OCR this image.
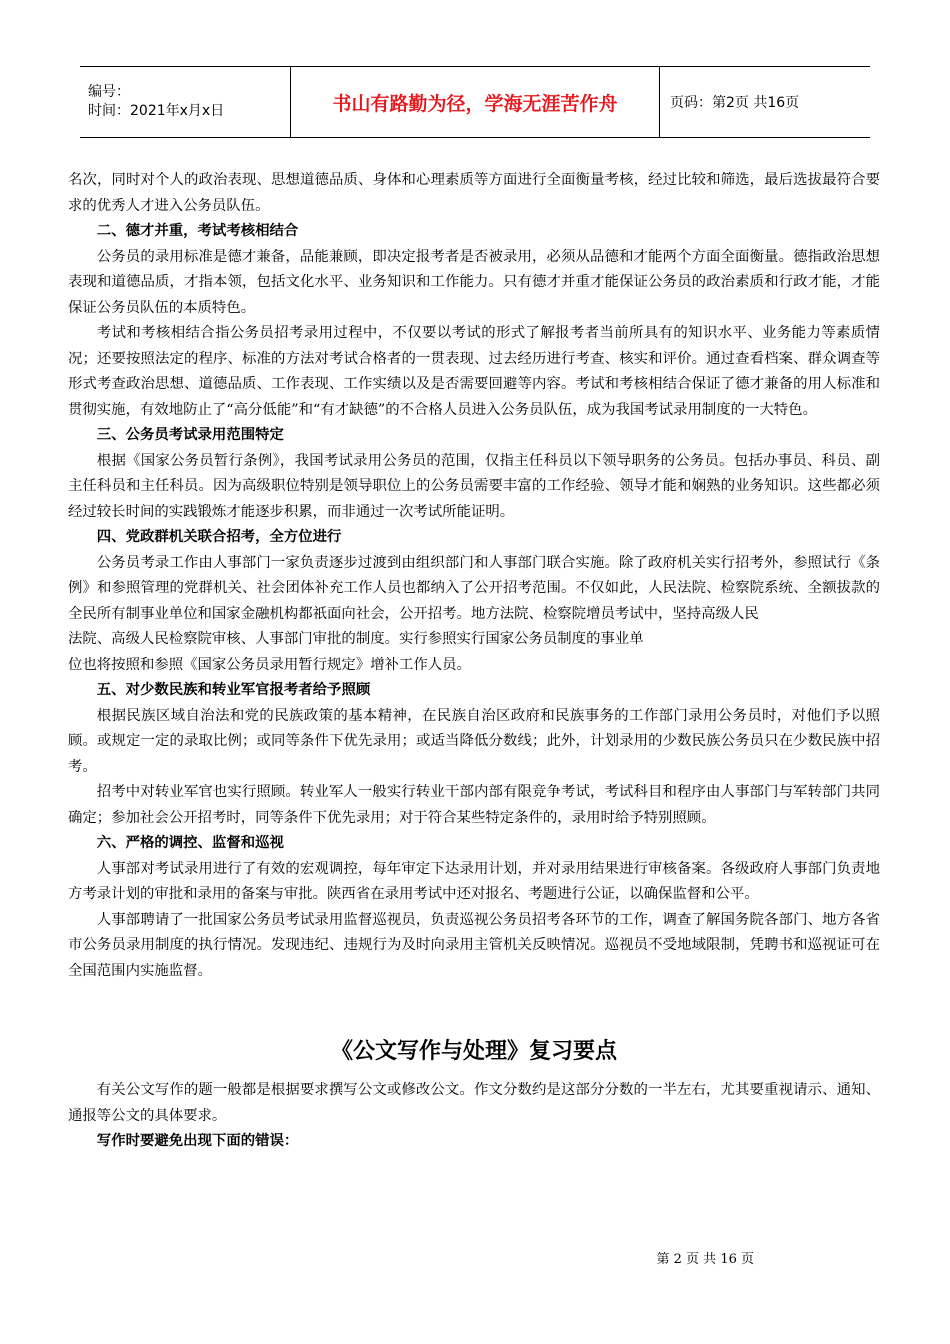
编号：
时间：2021年x月x日	书山有路勤为径，学海无涯苦作舟	页码：第2页 共16页

名次，同时对个人的政治表现、思想道德品质、身体和心理素质等方面进行全面衡量考核，经过比较和筛选，最后选拔最符合要求的优秀人才进入公务员队伍。

二、德才并重，考试考核相结合

公务员的录用标准是德才兼备，品能兼顾，即决定报考者是否被录用，必须从品德和才能两个方面全面衡量。德指政治思想表现和道德品质，才指本领，包括文化水平、业务知识和工作能力。只有德才并重才能保证公务员的政治素质和行政才能，才能保证公务员队伍的本质特色。

考试和考核相结合指公务员招考录用过程中，不仅要以考试的形式了解报考者当前所具有的知识水平、业务能力等素质情况；还要按照法定的程序、标准的方法对考试合格者的一贯表现、过去经历进行考查、核实和评价。通过查看档案、群众调查等形式考查政治思想、道德品质、工作表现、工作实绩以及是否需要回避等内容。考试和考核相结合保证了德才兼备的用人标准和贯彻实施，有效地防止了“高分低能”和“有才缺德”的不合格人员进入公务员队伍，成为我国考试录用制度的一大特色。

三、公务员考试录用范围特定

根据《国家公务员暂行条例》，我国考试录用公务员的范围，仅指主任科员以下领导职务的公务员。包括办事员、科员、副主任科员和主任科员。因为高级职位特别是领导职位上的公务员需要丰富的工作经验、领导才能和娴熟的业务知识。这些都必须经过较长时间的实践锻炼才能逐步积累，而非通过一次考试所能证明。

四、党政群机关联合招考，全方位进行

公务员考录工作由人事部门一家负责逐步过渡到由组织部门和人事部门联合实施。除了政府机关实行招考外，参照试行《条例》和参照管理的党群机关、社会团体补充工作人员也都纳入了公开招考范围。不仅如此，人民法院、检察院系统、全额拔款的全民所有制事业单位和国家金融机构都祇面向社会，公开招考。地方法院、检察院增员考试中，坚持高级人民

法院、高级人民检察院审核、人事部门审批的制度。实行参照实行国家公务员制度的事业单

位也将按照和参照《国家公务员录用暂行规定》增补工作人员。

五、对少数民族和转业军官报考者给予照顾

根据民族区域自治法和党的民族政策的基本精神，在民族自治区政府和民族事务的工作部门录用公务员时，对他们予以照顾。或规定一定的录取比例；或同等条件下优先录用；或适当降低分数线；此外，计划录用的少数民族公务员只在少数民族中招考。

招考中对转业军官也实行照顾。转业军人一般实行转业干部内部有限竞争考试，考试科目和程序由人事部门与军转部门共同确定；参加社会公开招考时，同等条件下优先录用；对于符合某些特定条件的，录用时给予特别照顾。

六、严格的调控、监督和巡视

人事部对考试录用进行了有效的宏观调控，每年审定下达录用计划，并对录用结果进行审核备案。各级政府人事部门负责地方考录计划的审批和录用的备案与审批。陕西省在录用考试中还对报名、考题进行公证，以确保监督和公平。

人事部聘请了一批国家公务员考试录用监督巡视员，负责巡视公务员招考各环节的工作，调查了解国务院各部门、地方各省市公务员录用制度的执行情况。发现违纪、违规行为及时向录用主管机关反映情况。巡视员不受地域限制，凭聘书和巡视证可在全国范围内实施监督。

《公文写作与处理》复习要点

有关公文写作的题一般都是根据要求撰写公文或修改公文。作文分数约是这部分分数的一半左右，尤其要重视请示、通知、通报等公文的具体要求。

写作时要避免出现下面的错误：

第 2 页 共 16 页
